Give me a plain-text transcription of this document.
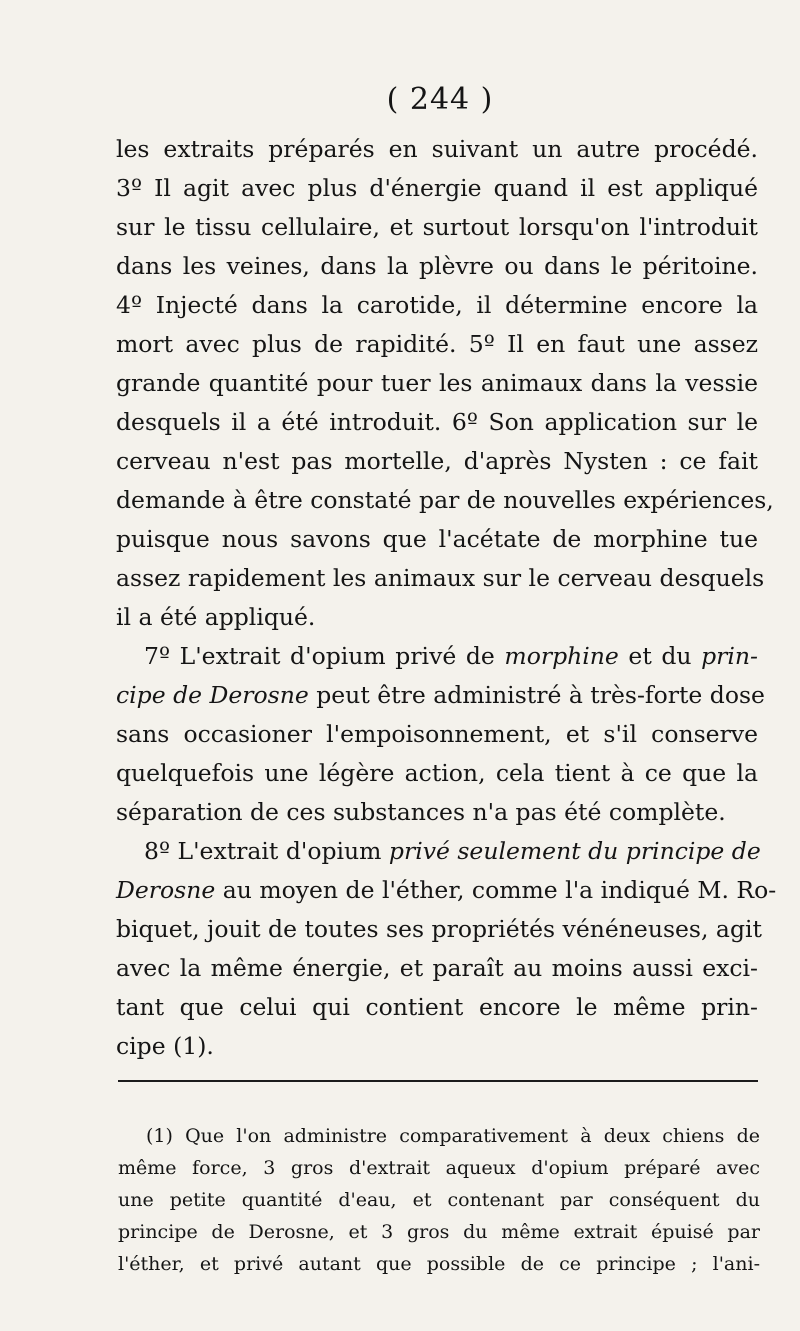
( 244 )
les extraits préparés en suivant un autre procédé.
3º Il agit avec plus d'énergie quand il est appliqué
sur le tissu cellulaire, et surtout lorsqu'on l'introduit
dans les veines, dans la plèvre ou dans le péritoine.
4º Injecté dans la carotide, il détermine encore la
mort avec plus de rapidité. 5º Il en faut une assez
grande quantité pour tuer les animaux dans la vessie
desquels il a été introduit. 6º Son application sur le
cerveau n'est pas mortelle, d'après Nysten : ce fait
demande à être constaté par de nouvelles expériences,
puisque nous savons que l'acétate de morphine tue
assez rapidement les animaux sur le cerveau desquels
il a été appliqué.
7º L'extrait d'opium privé de morphine et du prin-
cipe de Derosne peut être administré à très-forte dose
sans occasioner l'empoisonnement, et s'il conserve
quelquefois une légère action, cela tient à ce que la
séparation de ces substances n'a pas été complète.
8º L'extrait d'opium privé seulement du principe de
Derosne au moyen de l'éther, comme l'a indiqué M. Ro-
biquet, jouit de toutes ses propriétés vénéneuses, agit
avec la même énergie, et paraît au moins aussi exci-
tant que celui qui contient encore le même prin-
cipe (1).
(1) Que l'on administre comparativement à deux chiens de
même force, 3 gros d'extrait aqueux d'opium préparé avec
une petite quantité d'eau, et contenant par conséquent du
principe de Derosne, et 3 gros du même extrait épuisé par
l'éther, et privé autant que possible de ce principe ; l'ani-
